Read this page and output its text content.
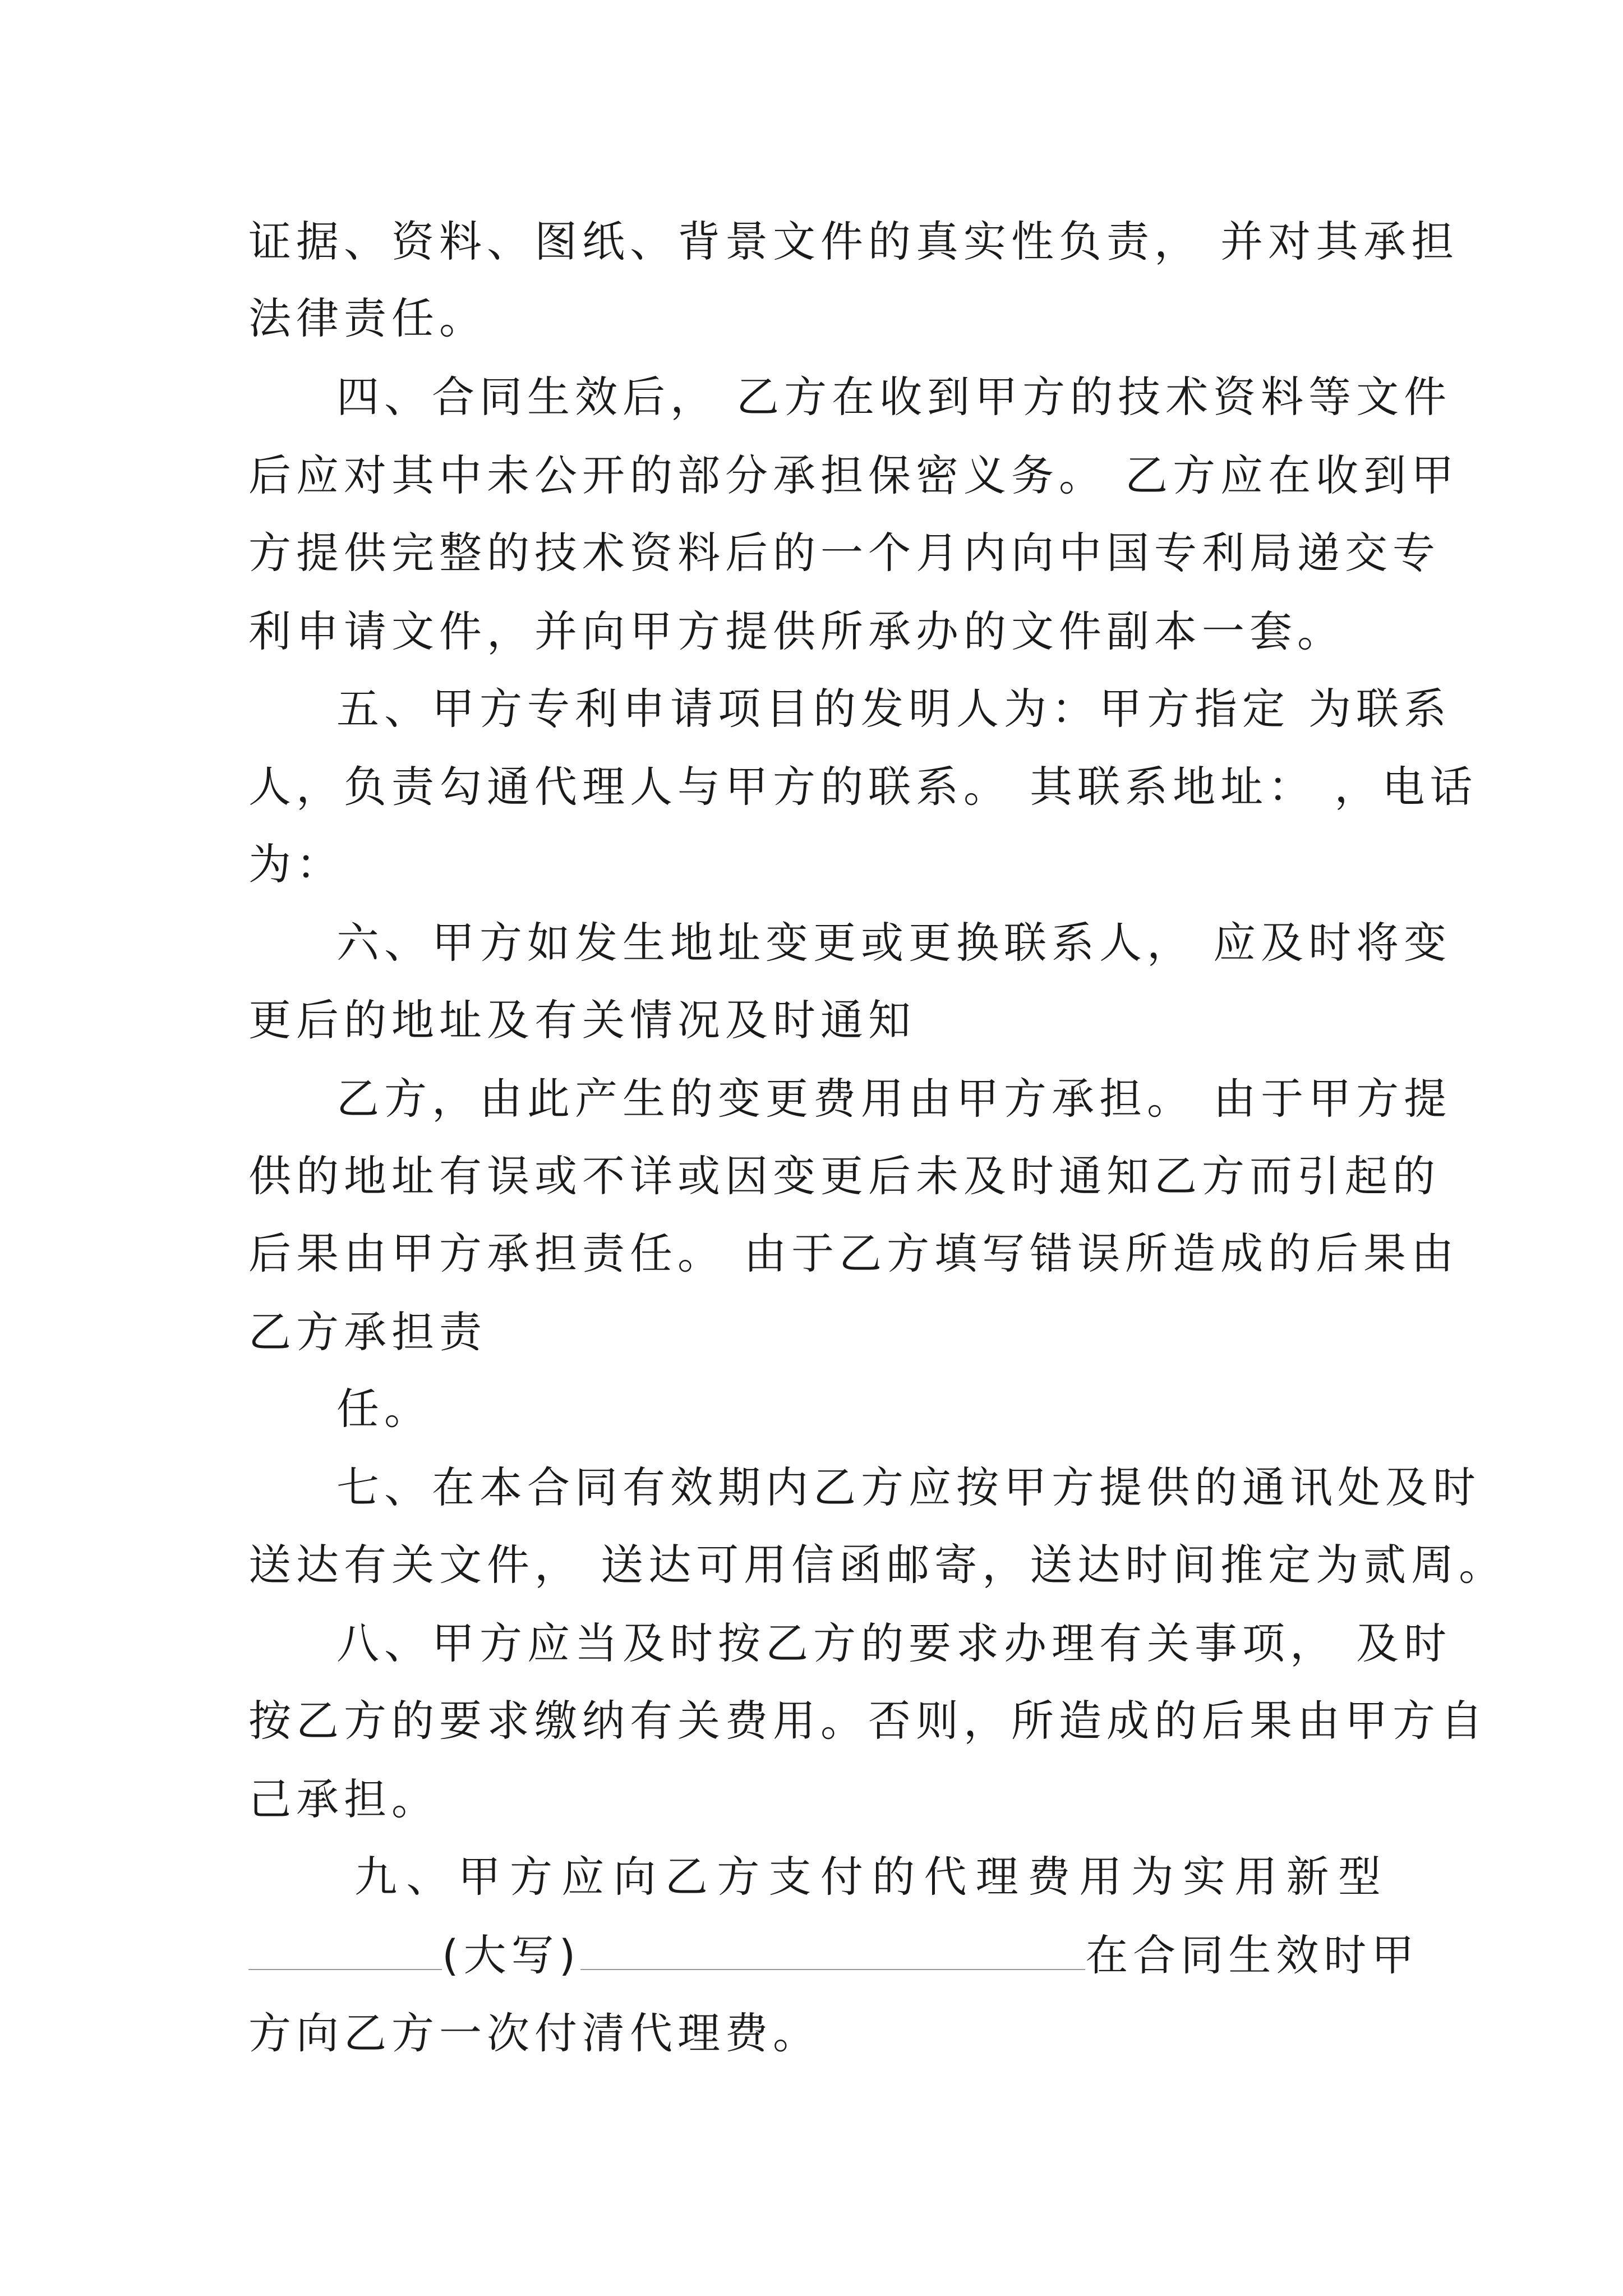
证据、资料、图纸、背景文件的真实性负责， 并对其承担
法律责任。
四、合同生效后， 乙方在收到甲方的技术资料等文件
后应对其中未公开的部分承担保密义务。 乙方应在收到甲
方提供完整的技术资料后的一个月内向中国专利局递交专
利申请文件，并向甲方提供所承办的文件副本一套。
五、甲方专利申请项目的发明人为：甲方指定 为联系
人，负责勾通代理人与甲方的联系。 其联系地址： ，电话
为：
六、甲方如发生地址变更或更换联系人， 应及时将变
更后的地址及有关情况及时通知
乙方，由此产生的变更费用由甲方承担。 由于甲方提
供的地址有误或不详或因变更后未及时通知乙方而引起的
后果由甲方承担责任。 由于乙方填写错误所造成的后果由
乙方承担责
任。
七、在本合同有效期内乙方应按甲方提供的通讯处及时
送达有关文件， 送达可用信函邮寄，送达时间推定为贰周。
八、甲方应当及时按乙方的要求办理有关事项， 及时
按乙方的要求缴纳有关费用。否则，所造成的后果由甲方自
己承担。
九 、 甲 方 应 向 乙 方 支 付 的 代 理 费 用 为 实 用 新 型
(大写)	在合同生效时甲
方向乙方一次付清代理费。
